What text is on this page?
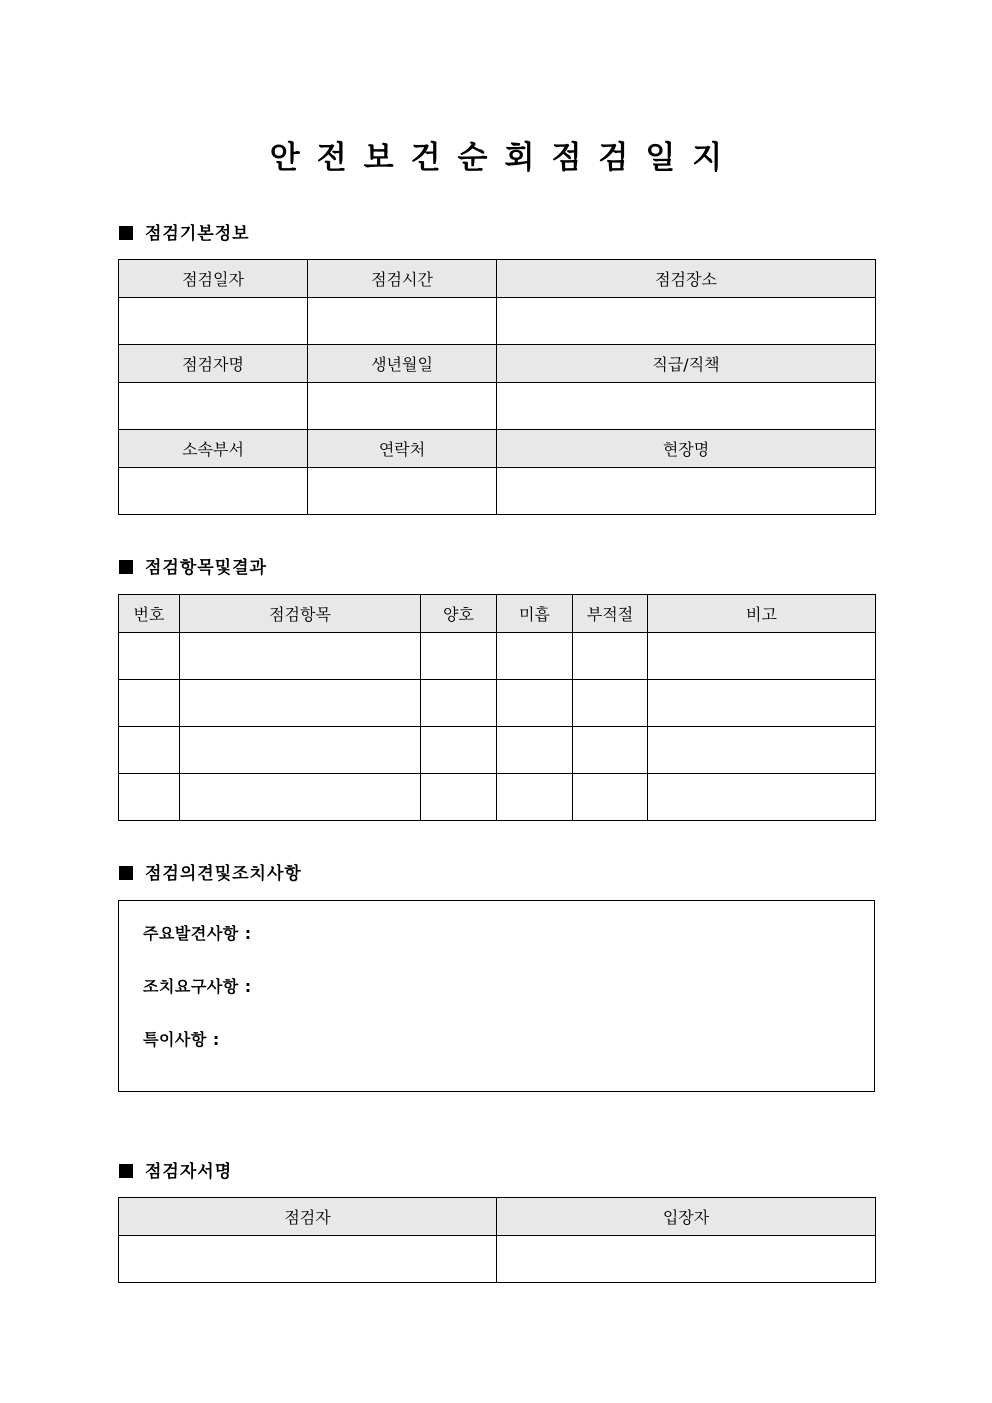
안전보건순회점검일지
점검기본정보
점검일자	점검시간	점검장소

점검자명	생년월일	직급/직책

소속부서	연락처	현장명

점검항목및결과
번호	점검항목	양호	미흡	부적절	비고

점검의견및조치사항
주요발견사항 :
조치요구사항 :
특이사항 :
점검자서명
점검자	입장자
